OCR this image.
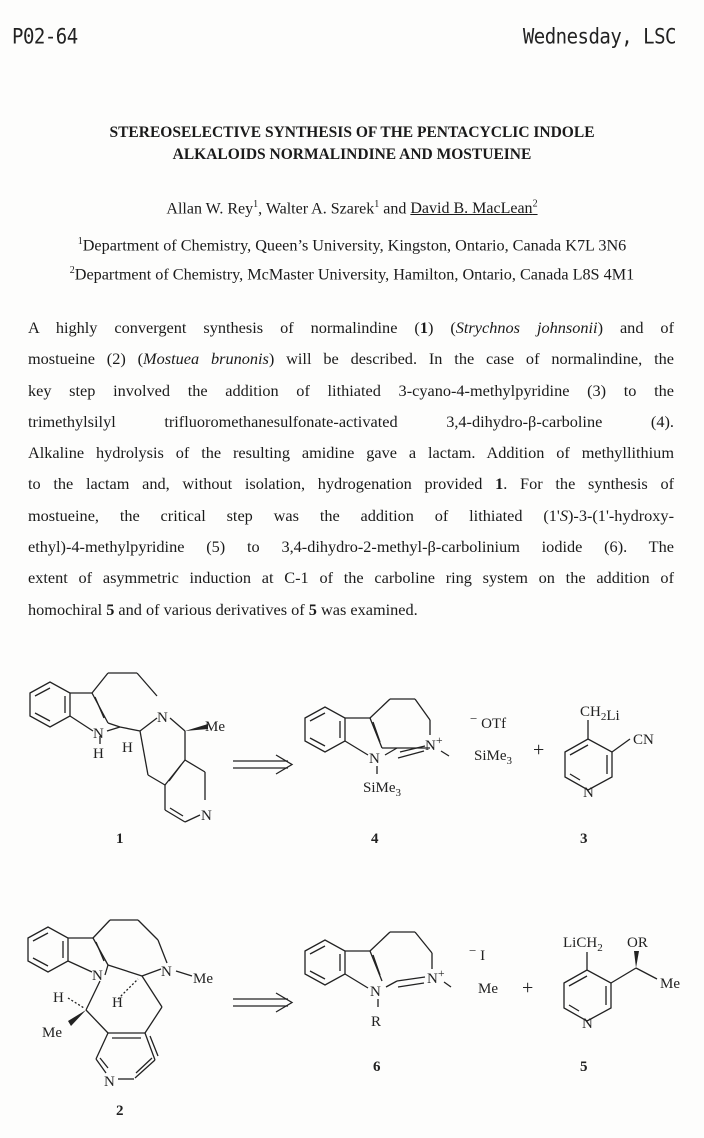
P02-64	Wednesday, LSC
STEREOSELECTIVE SYNTHESIS OF THE PENTACYCLIC INDOLE
ALKALOIDS NORMALINDINE AND MOSTUEINE
Allan W. Rey$^1$, Walter A. Szarek$^1$ and David B. MacLean$^2$
$^1$Department of Chemistry, Queen’s University, Kingston, Ontario, Canada K7L 3N6
$^2$Department of Chemistry, McMaster University, Hamilton, Ontario, Canada L8S 4M1
A highly convergent synthesis of normalindine (1) (Strychnos johnsonii) and of
mostueine (2) (Mostuea brunonis) will be described. In the case of normalindine, the
key step involved the addition of lithiated 3-cyano-4-methylpyridine (3) to the
trimethylsilyl	trifluoromethanesulfonate-activated	3,4-dihydro-β-carboline	(4).
Alkaline hydrolysis of the resulting amidine gave a lactam. Addition of methyllithium
to the lactam and, without isolation, hydrogenation provided 1. For the synthesis of
mostueine, the critical step was the addition of lithiated (1'S)-3-(1'-hydroxy-
ethyl)-4-methylpyridine (5) to 3,4-dihydro-2-methyl-β-carbolinium iodide (6). The
extent of asymmetric induction at C-1 of the carboline ring system on the addition of
homochiral 5 and of various derivatives of 5 was examined.
N
H H
N
Me
N
1
N
SiMe$_3$
N+
− OTf
SiMe$_3$
4
+
$CH_2Li$
CN
N
3
N
H	H
Me
N Me
N
2
N
R
N+
− I
Me
6
+
LiCH$_2$ OR
Me
N
5
